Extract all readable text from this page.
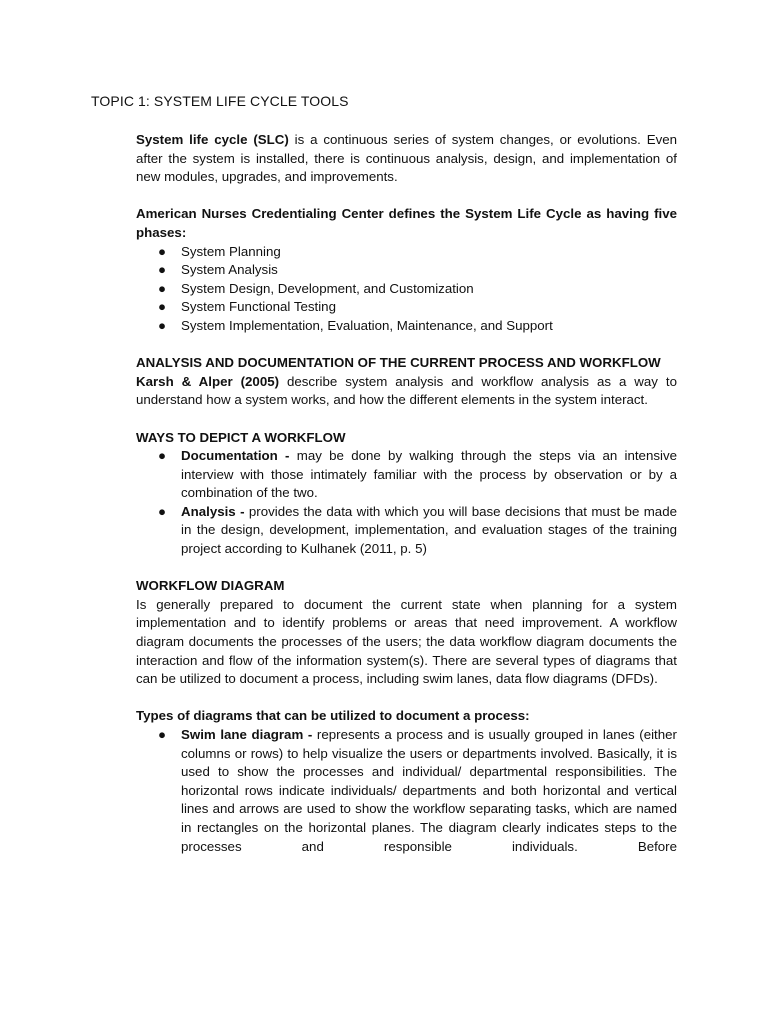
TOPIC 1: SYSTEM LIFE CYCLE TOOLS

System life cycle (SLC) is a continuous series of system changes, or evolutions. Even after the system is installed, there is continuous analysis, design, and implementation of new modules, upgrades, and improvements.

American Nurses Credentialing Center defines the System Life Cycle as having five phases:

● System Planning
● System Analysis
● System Design, Development, and Customization
● System Functional Testing
● System Implementation, Evaluation, Maintenance, and Support

ANALYSIS AND DOCUMENTATION OF THE CURRENT PROCESS AND WORKFLOW

Karsh & Alper (2005) describe system analysis and workflow analysis as a way to understand how a system works, and how the different elements in the system interact.

WAYS TO DEPICT A WORKFLOW

● Documentation - may be done by walking through the steps via an intensive interview with those intimately familiar with the process by observation or by a combination of the two.
● Analysis - provides the data with which you will base decisions that must be made in the design, development, implementation, and evaluation stages of the training project according to Kulhanek (2011, p. 5)

WORKFLOW DIAGRAM

Is generally prepared to document the current state when planning for a system implementation and to identify problems or areas that need improvement. A workflow diagram documents the processes of the users; the data workflow diagram documents the interaction and flow of the information system(s). There are several types of diagrams that can be utilized to document a process, including swim lanes, data flow diagrams (DFDs).

Types of diagrams that can be utilized to document a process:

● Swim lane diagram - represents a process and is usually grouped in lanes (either columns or rows) to help visualize the users or departments involved. Basically, it is used to show the processes and individual/ departmental responsibilities. The horizontal rows indicate individuals/ departments and both horizontal and vertical lines and arrows are used to show the workflow separating tasks, which are named in rectangles on the horizontal planes. The diagram clearly indicates steps to the processes and responsible individuals. Before
